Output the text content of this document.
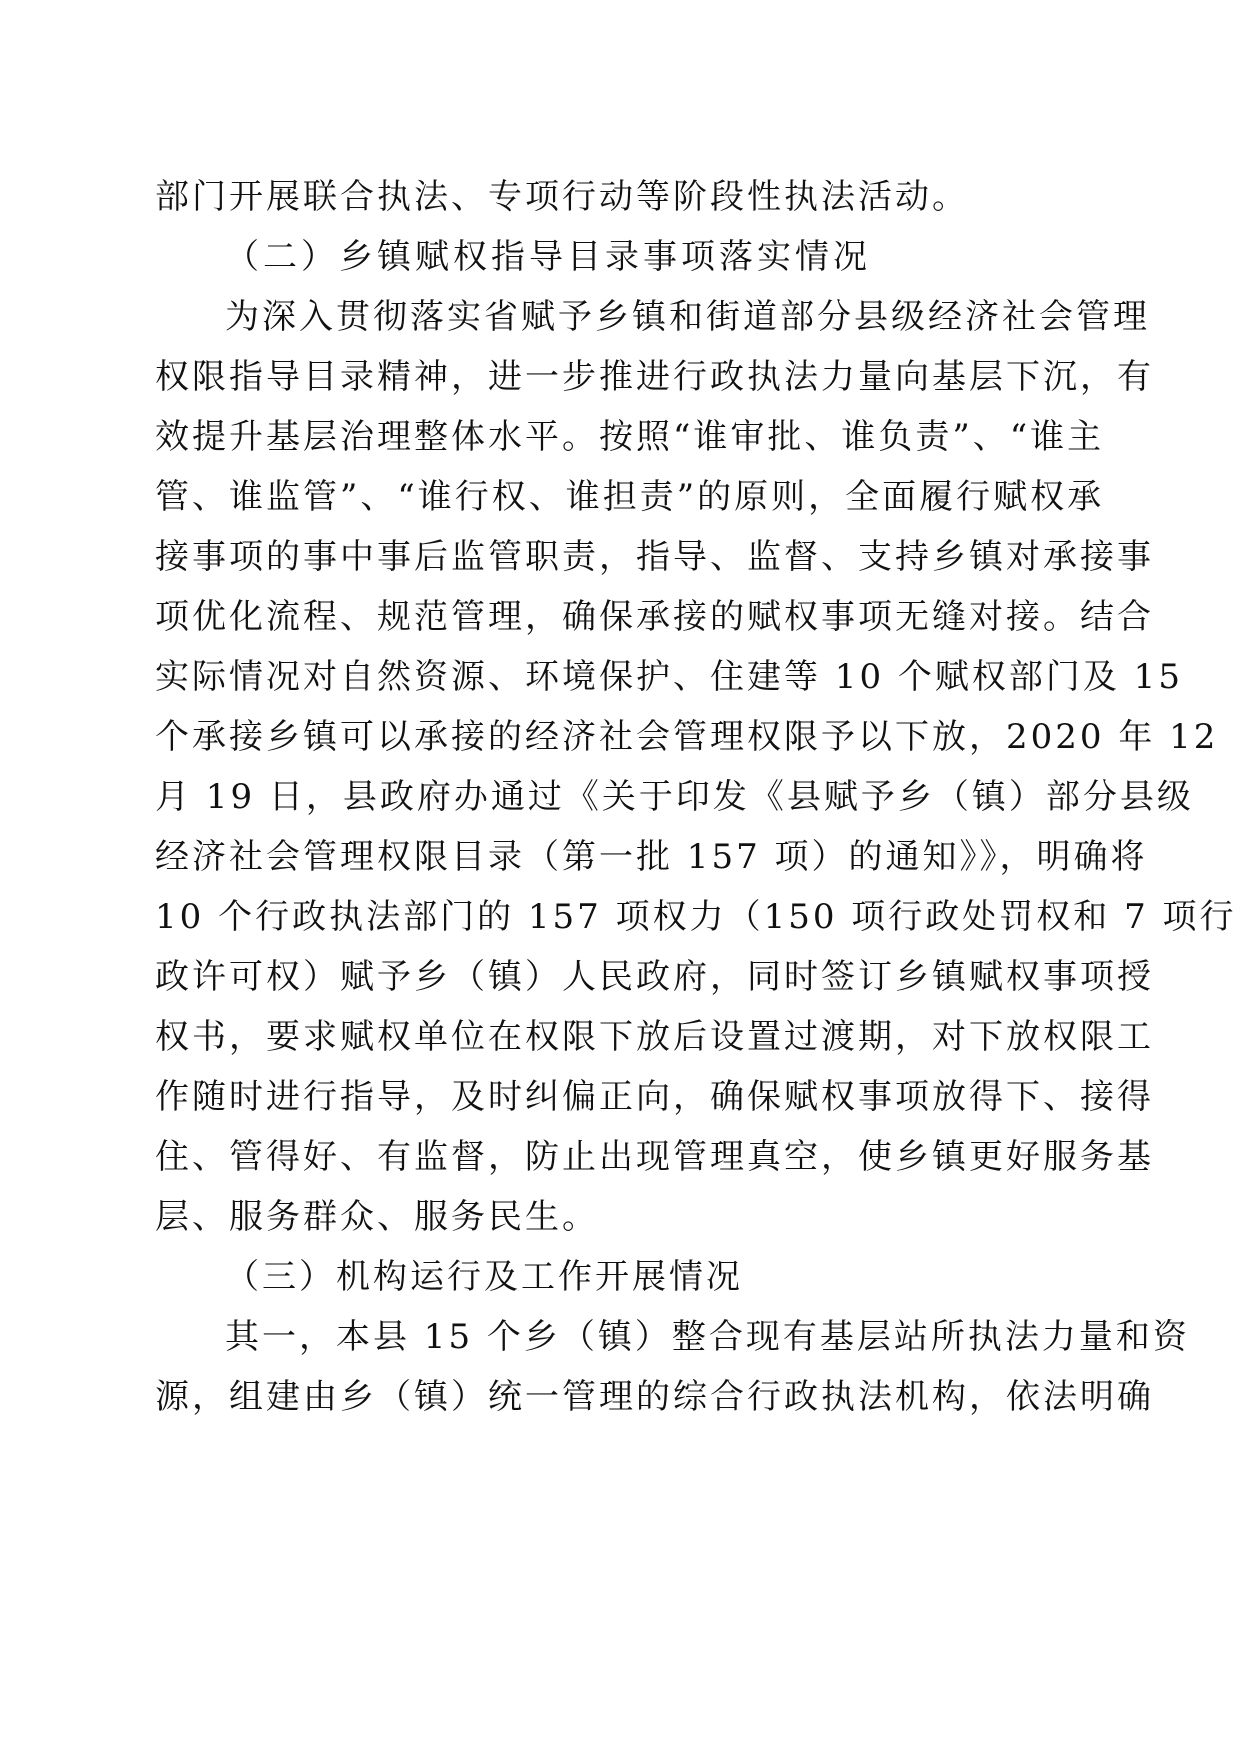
部门开展联合执法、专项行动等阶段性执法活动。
（二）乡镇赋权指导目录事项落实情况
为深入贯彻落实省赋予乡镇和街道部分县级经济社会管理
权限指导目录精神，进一步推进行政执法力量向基层下沉，有
效提升基层治理整体水平。按照“谁审批、谁负责”、“谁主
管、谁监管”、“谁行权、谁担责”的原则，全面履行赋权承
接事项的事中事后监管职责，指导、监督、支持乡镇对承接事
项优化流程、规范管理，确保承接的赋权事项无缝对接。结合
实际情况对自然资源、环境保护、住建等 10 个赋权部门及 15
个承接乡镇可以承接的经济社会管理权限予以下放，2020 年 12
月 19 日，县政府办通过《关于印发《县赋予乡（镇）部分县级
经济社会管理权限目录（第一批 157 项）的通知》》，明确将
10 个行政执法部门的 157 项权力（150 项行政处罚权和 7 项行
政许可权）赋予乡（镇）人民政府，同时签订乡镇赋权事项授
权书，要求赋权单位在权限下放后设置过渡期，对下放权限工
作随时进行指导，及时纠偏正向，确保赋权事项放得下、接得
住、管得好、有监督，防止出现管理真空，使乡镇更好服务基
层、服务群众、服务民生。
（三）机构运行及工作开展情况
其一，本县 15 个乡（镇）整合现有基层站所执法力量和资
源，组建由乡（镇）统一管理的综合行政执法机构，依法明确
